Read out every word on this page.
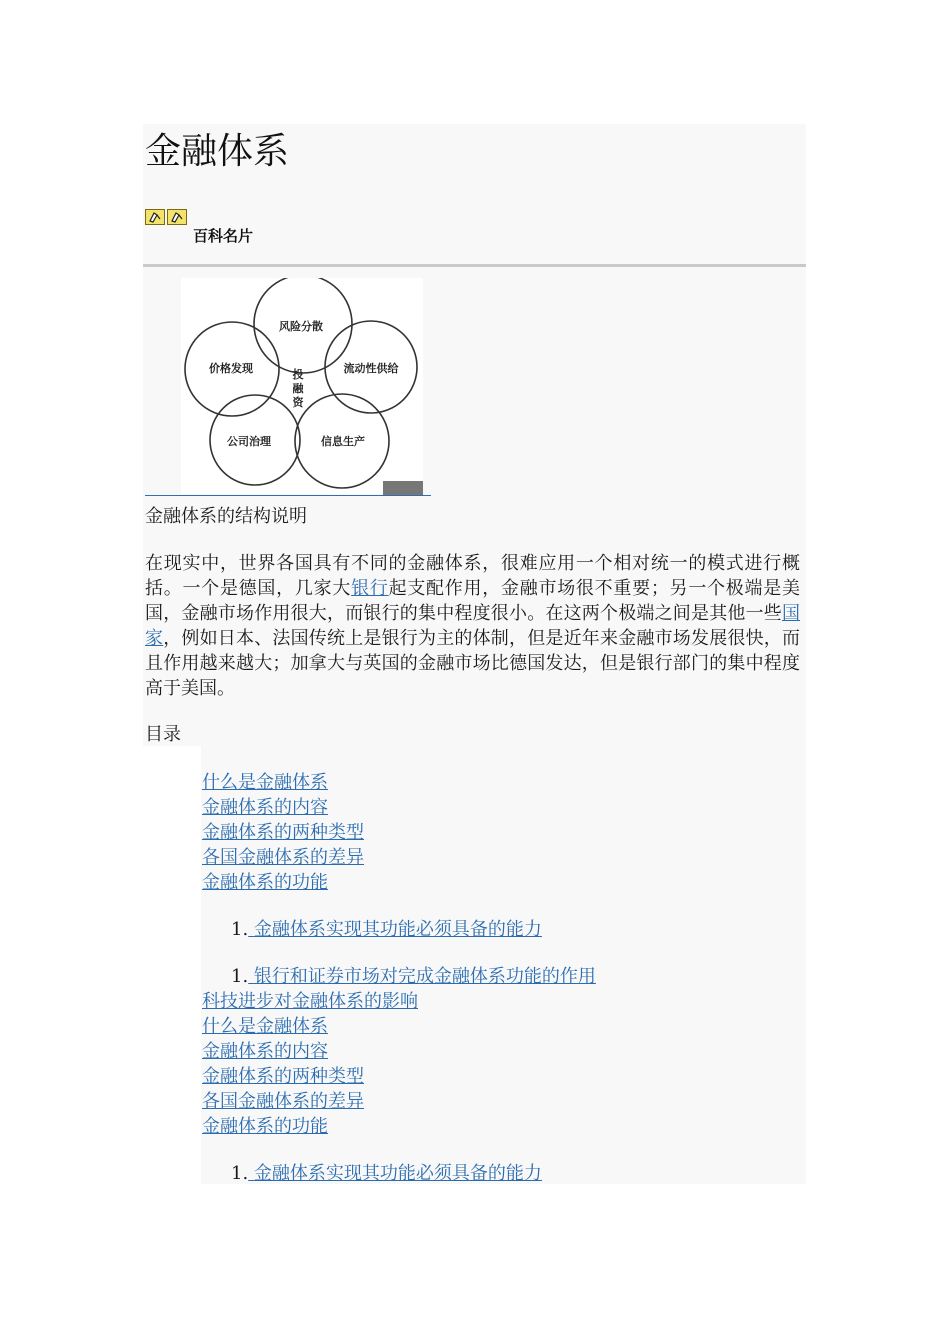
金融体系
百科名片
风险分散
价格发现	流动性供给
公司治理	信息生产
投
融
资
金融体系的结构说明

在现实中，世界各国具有不同的金融体系，很难应用一个相对统一的模式进行概括。一个是德国，几家大银行起支配作用，金融市场很不重要；另一个极端是美国，金融市场作用很大，而银行的集中程度很小。在这两个极端之间是其他一些国家，例如日本、法国传统上是银行为主的体制，但是近年来金融市场发展很快，而且作用越来越大；加拿大与英国的金融市场比德国发达，但是银行部门的集中程度高于美国。

目录
什么是金融体系
金融体系的内容
金融体系的两种类型
各国金融体系的差异
金融体系的功能
1. 金融体系实现其功能必须具备的能力
1. 银行和证券市场对完成金融体系功能的作用
科技进步对金融体系的影响
什么是金融体系
金融体系的内容
金融体系的两种类型
各国金融体系的差异
金融体系的功能
1. 金融体系实现其功能必须具备的能力
